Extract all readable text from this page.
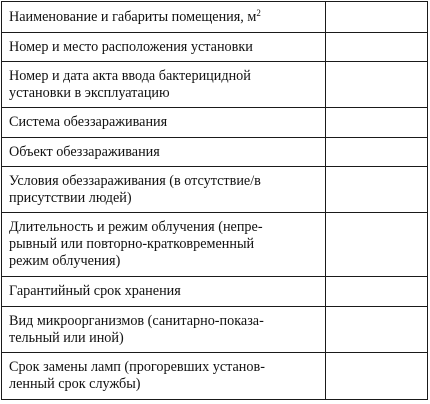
Наименование и габариты помещения, $м^2$	
Номер и место расположения установки	
Номер и дата акта ввода бактерицидной
установки в эксплуатацию	
Система обеззараживания	
Объект обеззараживания	
Условия обеззараживания (в отсутствие/в
присутствии людей)	
Длительность и режим облучения (непре-
рывный или повторно-кратковременный
режим облучения)	
Гарантийный срок хранения	
Вид микроорганизмов (санитарно-показа-
тельный или иной)	
Срок замены ламп (прогоревших установ-
ленный срок службы)	
